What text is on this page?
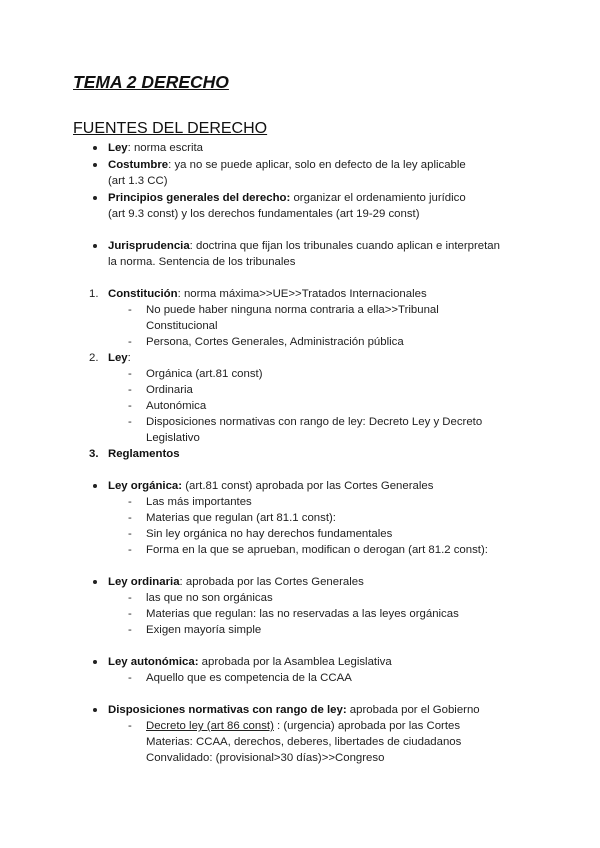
TEMA 2 DERECHO
FUENTES DEL DERECHO
Ley: norma escrita
Costumbre: ya no se puede aplicar, solo en defecto de la ley aplicable
(art 1.3 CC)
Principios generales del derecho: organizar el ordenamiento jurídico
(art 9.3 const) y los derechos fundamentales (art 19-29 const)
Jurisprudencia: doctrina que fijan los tribunales cuando aplican e interpretan
la norma. Sentencia de los tribunales
1. Constitución: norma máxima>>UE>>Tratados Internacionales
- No puede haber ninguna norma contraria a ella>>Tribunal
Constitucional
- Persona, Cortes Generales, Administración pública
2. Ley:
- Orgánica (art.81 const)
- Ordinaria
- Autonómica
- Disposiciones normativas con rango de ley: Decreto Ley y Decreto
Legislativo
3. Reglamentos
Ley orgánica: (art.81 const) aprobada por las Cortes Generales
- Las más importantes
- Materias que regulan (art 81.1 const):
- Sin ley orgánica no hay derechos fundamentales
- Forma en la que se aprueban, modifican o derogan (art 81.2 const):
Ley ordinaria: aprobada por las Cortes Generales
- las que no son orgánicas
- Materias que regulan: las no reservadas a las leyes orgánicas
- Exigen mayoría simple
Ley autonómica: aprobada por la Asamblea Legislativa
- Aquello que es competencia de la CCAA
Disposiciones normativas con rango de ley: aprobada por el Gobierno
- Decreto ley (art 86 const) : (urgencia) aprobada por las Cortes
Materias: CCAA, derechos, deberes, libertades de ciudadanos
Convalidado: (provisional>30 días)>>Congreso
